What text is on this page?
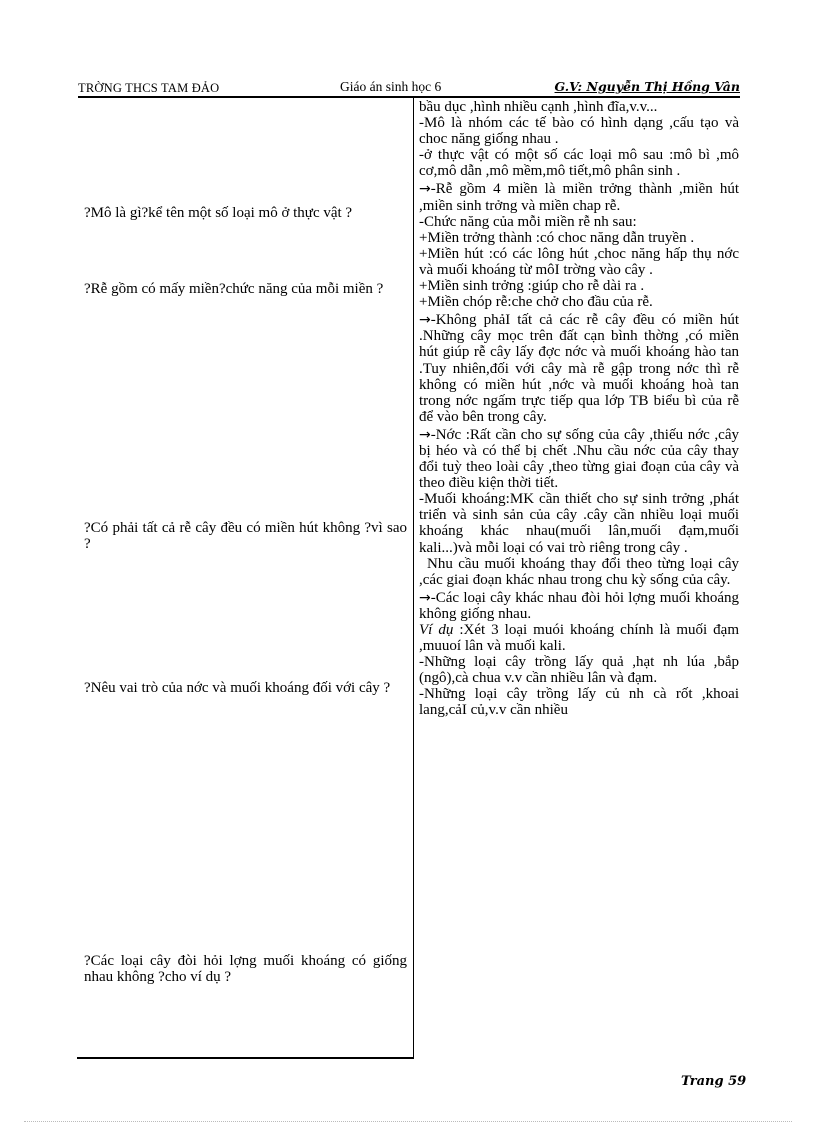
TRỜNG THCS TAM ĐẢO	Giáo án sinh học 6	G.V: Nguyễn Thị Hồng Vân

?Mô là gì?kể tên một số loại mô ở thực vật ?

?Rễ gồm có mấy miền?chức năng của mỗi miền ?

?Có phải tất cả rễ cây đều có miền hút không ?vì sao ?

?Nêu vai trò của nớc và muối khoáng đối với cây ?

?Các loại cây đòi hỏi lợng muối khoáng có giống nhau không ?cho ví dụ ?

bầu dục ,hình nhiều cạnh ,hình đĩa,v.v...

-Mô là nhóm các tế bào có hình dạng ,cấu tạo và choc năng giống nhau .

-ở thực vật có một số các loại mô sau :mô bì ,mô cơ,mô dẫn ,mô mềm,mô tiết,mô phân sinh .

→-Rễ gồm 4 miền là miền trởng thành ,miền hút ,miền sinh trởng và miền chap rễ.

-Chức năng của mỗi miền rễ nh sau:

+Miền trởng thành :có choc năng dẫn truyền .

+Miền hút :có các lông hút ,choc năng hấp thụ nớc và muối khoáng từ môI trờng vào cây .

+Miền sinh trởng :giúp cho rễ dài ra .

+Miền chóp rễ:che chở cho đầu của rễ.

→-Không phảI tất cả các rễ cây đều có miền hút .Những cây mọc trên đất cạn bình thờng ,có miền hút giúp rễ cây lấy đợc nớc và muối khoáng hào tan .Tuy nhiên,đối với cây mà rễ gập trong nớc thì rễ không có miền hút ,nớc và muối khoáng hoà tan trong nớc ngấm trực tiếp qua lớp TB biểu bì của rễ để vào bên trong cây.

→-Nớc :Rất cần cho sự sống của cây ,thiếu nớc ,cây bị héo và có thể bị chết .Nhu cầu nớc của cây thay đổi tuỳ theo loài cây ,theo từng giai đoạn của cây và theo điều kiện thời tiết.

-Muối khoáng:MK cần thiết cho sự sinh trởng ,phát triển và sinh sản của cây .cây cần nhiều loại muối khoáng khác nhau(muối lân,muối đạm,muối kali...)và mỗi loại có vai trò riêng trong cây .

Nhu cầu muối khoáng thay đổi theo từng loại cây ,các giai đoạn khác nhau trong chu kỳ sống của cây.

→-Các loại cây khác nhau đòi hỏi lợng muối khoáng không giống nhau.

Ví dụ :Xét 3 loại muói khoáng chính là muối đạm ,muuoí lân và muối kali.

-Những loại cây trồng lấy quả ,hạt nh lúa ,bắp (ngô),cà chua v.v cần nhiều lân và đạm.

-Những loại cây trồng lấy củ nh cà rốt ,khoai lang,cảI củ,v.v cần nhiều

Trang 59
